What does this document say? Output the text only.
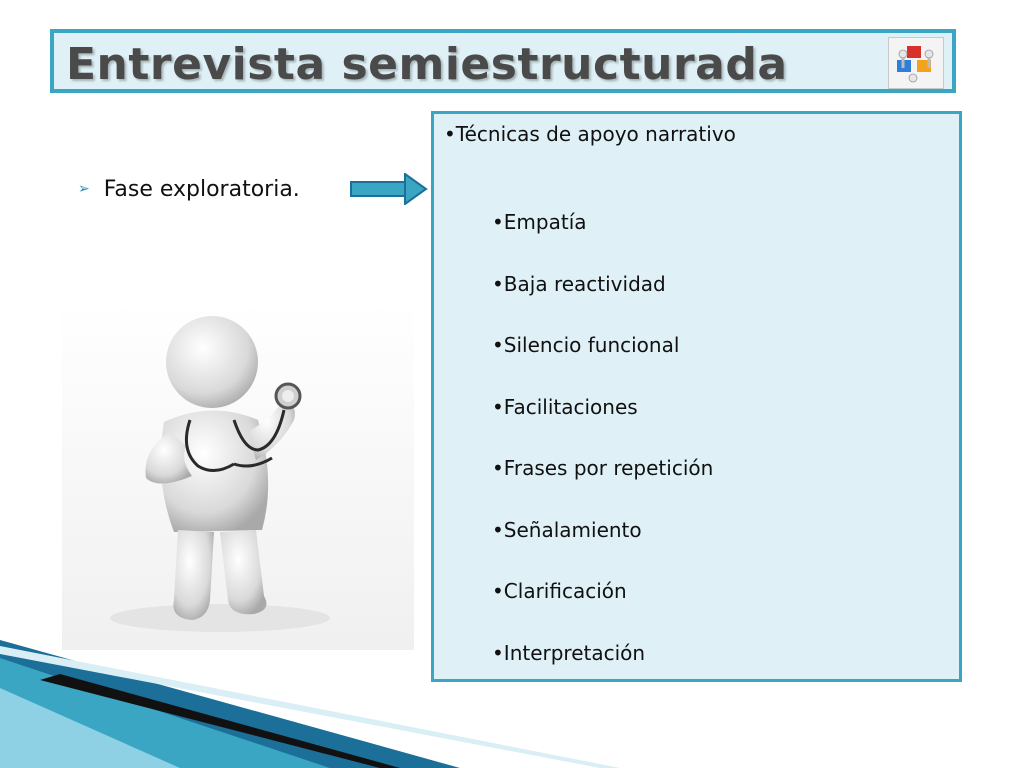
Entrevista semiestructurada
➢ Fase exploratoria.
•Técnicas de apoyo narrativo
•Empatía
•Baja reactividad
•Silencio funcional
•Facilitaciones
•Frases por repetición
•Señalamiento
•Clarificación
•Interpretación
